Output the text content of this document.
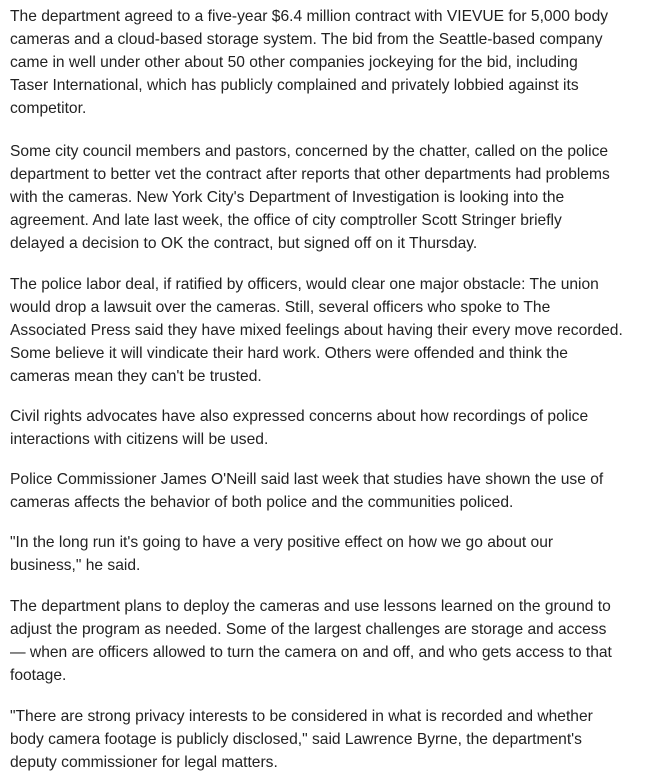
The department agreed to a five-year $6.4 million contract with VIEVUE for 5,000 body
cameras and a cloud-based storage system. The bid from the Seattle-based company
came in well under other about 50 other companies jockeying for the bid, including
Taser International, which has publicly complained and privately lobbied against its
competitor.

Some city council members and pastors, concerned by the chatter, called on the police
department to better vet the contract after reports that other departments had problems
with the cameras. New York City's Department of Investigation is looking into the
agreement. And late last week, the office of city comptroller Scott Stringer briefly
delayed a decision to OK the contract, but signed off on it Thursday.

The police labor deal, if ratified by officers, would clear one major obstacle: The union
would drop a lawsuit over the cameras. Still, several officers who spoke to The
Associated Press said they have mixed feelings about having their every move recorded.
Some believe it will vindicate their hard work. Others were offended and think the
cameras mean they can't be trusted.

Civil rights advocates have also expressed concerns about how recordings of police
interactions with citizens will be used.

Police Commissioner James O'Neill said last week that studies have shown the use of
cameras affects the behavior of both police and the communities policed.

"In the long run it's going to have a very positive effect on how we go about our
business," he said.

The department plans to deploy the cameras and use lessons learned on the ground to
adjust the program as needed. Some of the largest challenges are storage and access
— when are officers allowed to turn the camera on and off, and who gets access to that
footage.

"There are strong privacy interests to be considered in what is recorded and whether
body camera footage is publicly disclosed," said Lawrence Byrne, the department's
deputy commissioner for legal matters.
